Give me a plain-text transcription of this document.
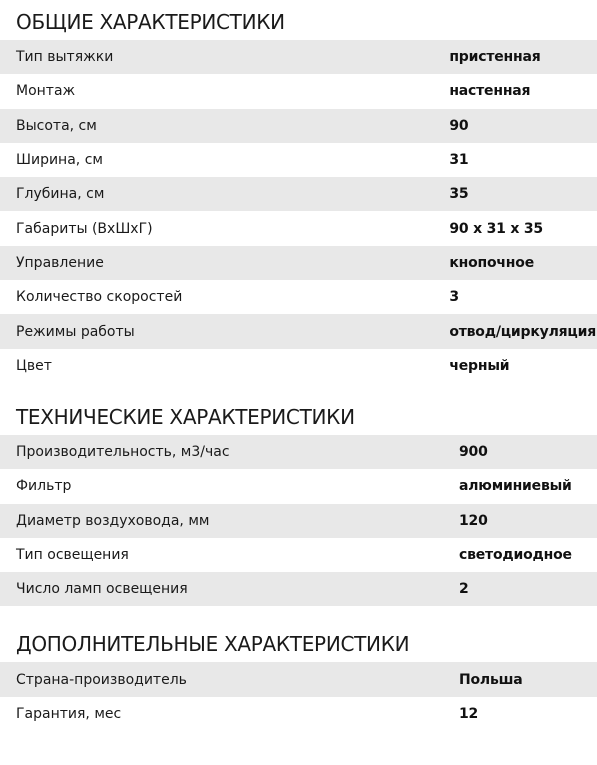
ОБЩИЕ ХАРАКТЕРИСТИКИ
Тип вытяжки	пристенная
Монтаж	настенная
Высота, см	90
Ширина, см	31
Глубина, см	35
Габариты (ВхШхГ)	90 x 31 x 35
Управление	кнопочное
Количество скоростей	3
Режимы работы	отвод/циркуляция
Цвет	черный
ТЕХНИЧЕСКИЕ ХАРАКТЕРИСТИКИ
Производительность, м3/час	900
Фильтр	алюминиевый
Диаметр воздуховода, мм	120
Тип освещения	светодиодное
Число ламп освещения	2
ДОПОЛНИТЕЛЬНЫЕ ХАРАКТЕРИСТИКИ
Страна-производитель	Польша
Гарантия, мес	12
